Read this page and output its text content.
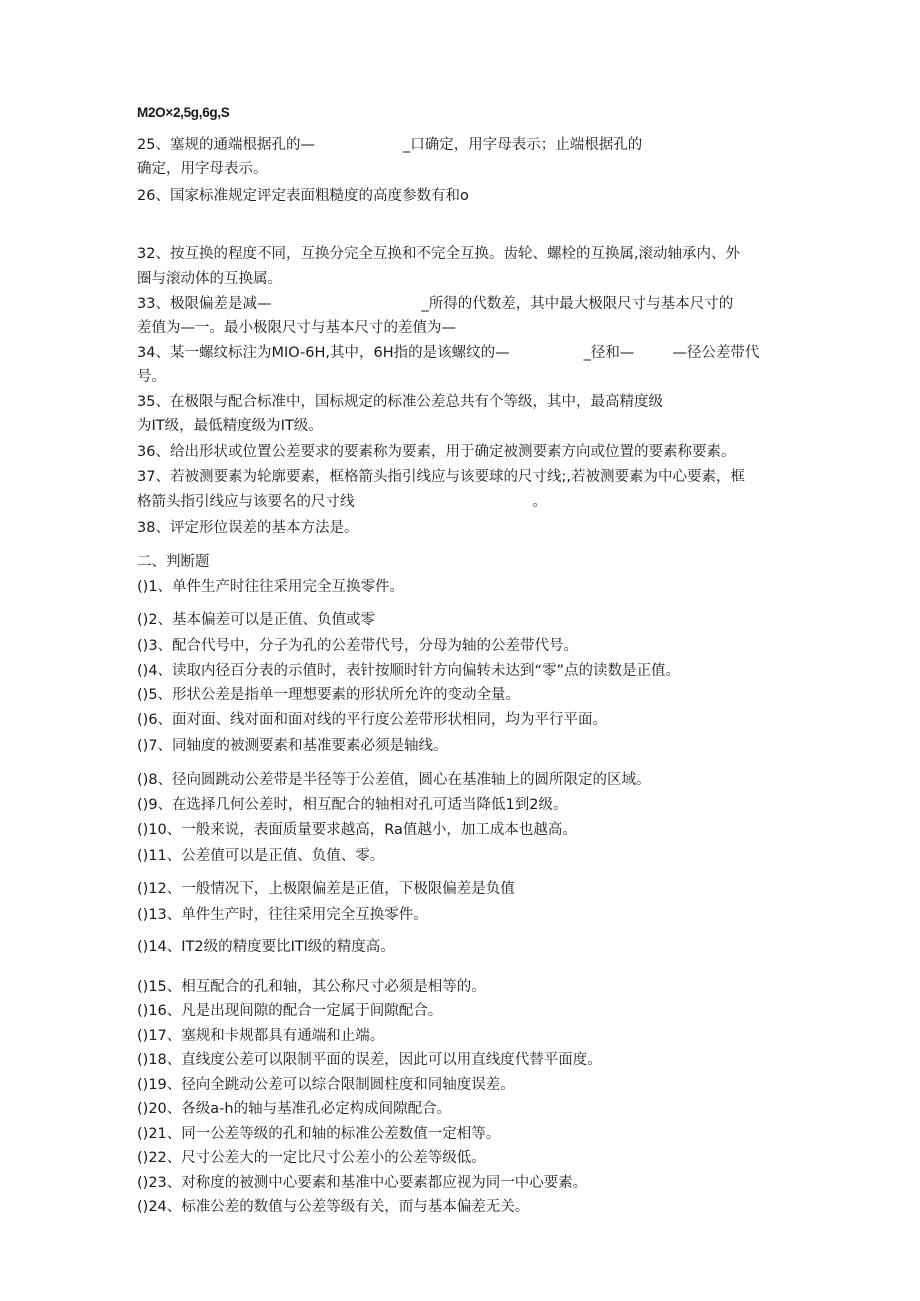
M2O×2,5g,6g,S
25、塞规的通端根据孔的—	_口确定，用字母表示；止端根据孔的
确定，用字母表示。
26、国家标准规定评定表面粗糙度的高度参数有和o
32、按互换的程度不同，互换分完全互换和不完全互换。齿轮、螺栓的互换属,滚动轴承内、外
圈与滚动体的互换属。
33、极限偏差是减—	_所得的代数差，其中最大极限尺寸与基本尺寸的
差值为—一。最小极限尺寸与基本尺寸的差值为—
34、某一螺纹标注为MIO-6H,其中，6H指的是该螺纹的—	_径和—	—径公差带代
号。
35、在极限与配合标准中，国标规定的标准公差总共有个等级，其中，最高精度级
为IT级，最低精度级为IT级。
36、给出形状或位置公差要求的要素称为要素，用于确定被测要素方向或位置的要素称要素。
37、若被测要素为轮廓要素，框格箭头指引线应与该要球的尺寸线;,若被测要素为中心要素，框
格箭头指引线应与该要名的尺寸线	。
38、评定形位误差的基本方法是。
二、判断题
()1、单件生产时往往采用完全互换零件。
()2、基本偏差可以是正值、负值或零
()3、配合代号中，分子为孔的公差带代号，分母为轴的公差带代号。
()4、读取内径百分表的示值时，表针按顺时针方向偏转未达到“零”点的读数是正值。
()5、形状公差是指单一理想要素的形状所允许的变动全量。
()6、面对面、线对面和面对线的平行度公差带形状相同，均为平行平面。
()7、同轴度的被测要素和基准要素必须是轴线。
()8、径向圆跳动公差带是半径等于公差值，圆心在基准轴上的圆所限定的区域。
()9、在选择几何公差时，相互配合的轴相对孔可适当降低1到2级。
()10、一般来说，表面质量要求越高，Ra值越小，加工成本也越高。
()11、公差值可以是正值、负值、零。
()12、一般情况下，上极限偏差是正值，下极限偏差是负值
()13、单件生产时，往往采用完全互换零件。
()14、IT2级的精度要比ITl级的精度高。
()15、相互配合的孔和轴，其公称尺寸必须是相等的。
()16、凡是出现间隙的配合一定属于间隙配合。
()17、塞规和卡规都具有通端和止端。
()18、直线度公差可以限制平面的误差，因此可以用直线度代替平面度。
()19、径向全跳动公差可以综合限制圆柱度和同轴度误差。
()20、各级a-h的轴与基准孔必定构成间隙配合。
()21、同一公差等级的孔和轴的标准公差数值一定相等。
()22、尺寸公差大的一定比尺寸公差小的公差等级低。
()23、对称度的被测中心要素和基准中心要素都应视为同一中心要素。
()24、标准公差的数值与公差等级有关，而与基本偏差无关。
